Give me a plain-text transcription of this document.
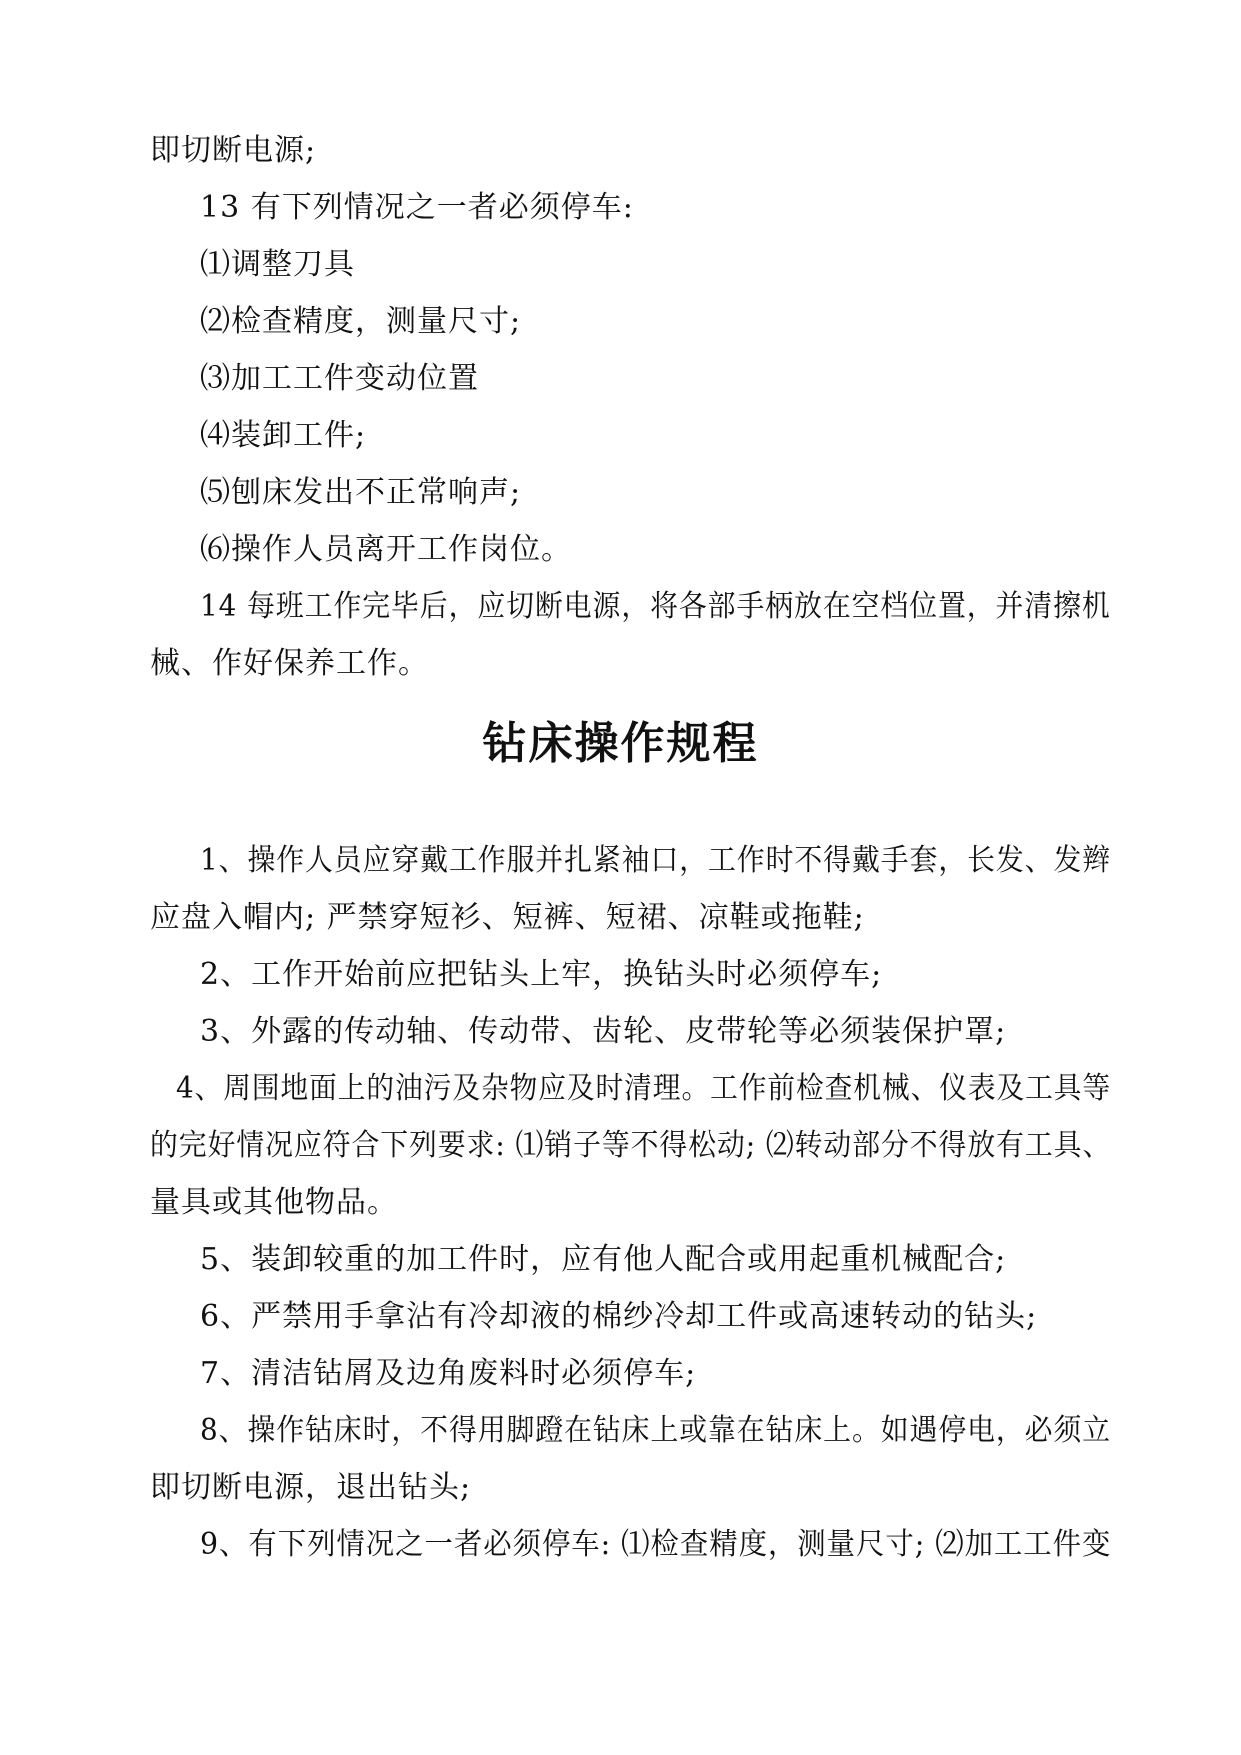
即切断电源;
13 有下列情况之一者必须停车:
⑴调整刀具
⑵检查精度，测量尺寸;
⑶加工工件变动位置
⑷装卸工件;
⑸刨床发出不正常响声;
⑹操作人员离开工作岗位。
14 每班工作完毕后，应切断电源，将各部手柄放在空档位置，并清擦机
械、作好保养工作。
钻床操作规程
1、操作人员应穿戴工作服并扎紧袖口，工作时不得戴手套，长发、发辫
应盘入帽内; 严禁穿短衫、短裤、短裙、凉鞋或拖鞋;
2、工作开始前应把钻头上牢，换钻头时必须停车;
3、外露的传动轴、传动带、齿轮、皮带轮等必须装保护罩;
4、周围地面上的油污及杂物应及时清理。工作前检查机械、仪表及工具等
的完好情况应符合下列要求: ⑴销子等不得松动; ⑵转动部分不得放有工具、
量具或其他物品。
5、装卸较重的加工件时，应有他人配合或用起重机械配合;
6、严禁用手拿沾有冷却液的棉纱冷却工件或高速转动的钻头;
7、清洁钻屑及边角废料时必须停车;
8、操作钻床时，不得用脚蹬在钻床上或靠在钻床上。如遇停电，必须立
即切断电源，退出钻头;
9、有下列情况之一者必须停车: ⑴检查精度，测量尺寸; ⑵加工工件变
